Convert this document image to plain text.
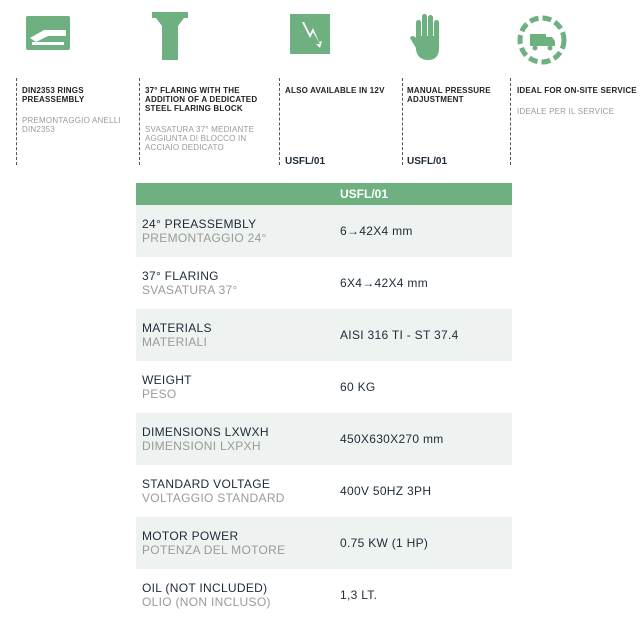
DIN2353 RINGS PREASSEMBLY
PREMONTAGGIO ANELLI DIN2353
37° FLARING WITH THE ADDITION OF A DEDICATED STEEL FLARING BLOCK
SVASATURA 37° MEDIANTE AGGIUNTA DI BLOCCO IN ACCIAIO DEDICATO
ALSO AVAILABLE IN 12V
USFL/01
MANUAL PRESSURE ADJUSTMENT
USFL/01
IDEAL FOR ON-SITE SERVICE
IDEALE PER IL SERVICE
USFL/01
24° PREASSEMBLY
PREMONTAGGIO 24°	6→42X4 mm
37° FLARING
SVASATURA 37°	6X4→42X4 mm
MATERIALS
MATERIALI	AISI 316 TI - ST 37.4
WEIGHT
PESO	60 KG
DIMENSIONS LXWXH
DIMENSIONI LXPXH	450X630X270 mm
STANDARD VOLTAGE
VOLTAGGIO STANDARD	400V 50HZ 3PH
MOTOR POWER
POTENZA DEL MOTORE	0.75 KW (1 HP)
OIL (NOT INCLUDED)
OLIO (NON INCLUSO)	1,3 LT.
